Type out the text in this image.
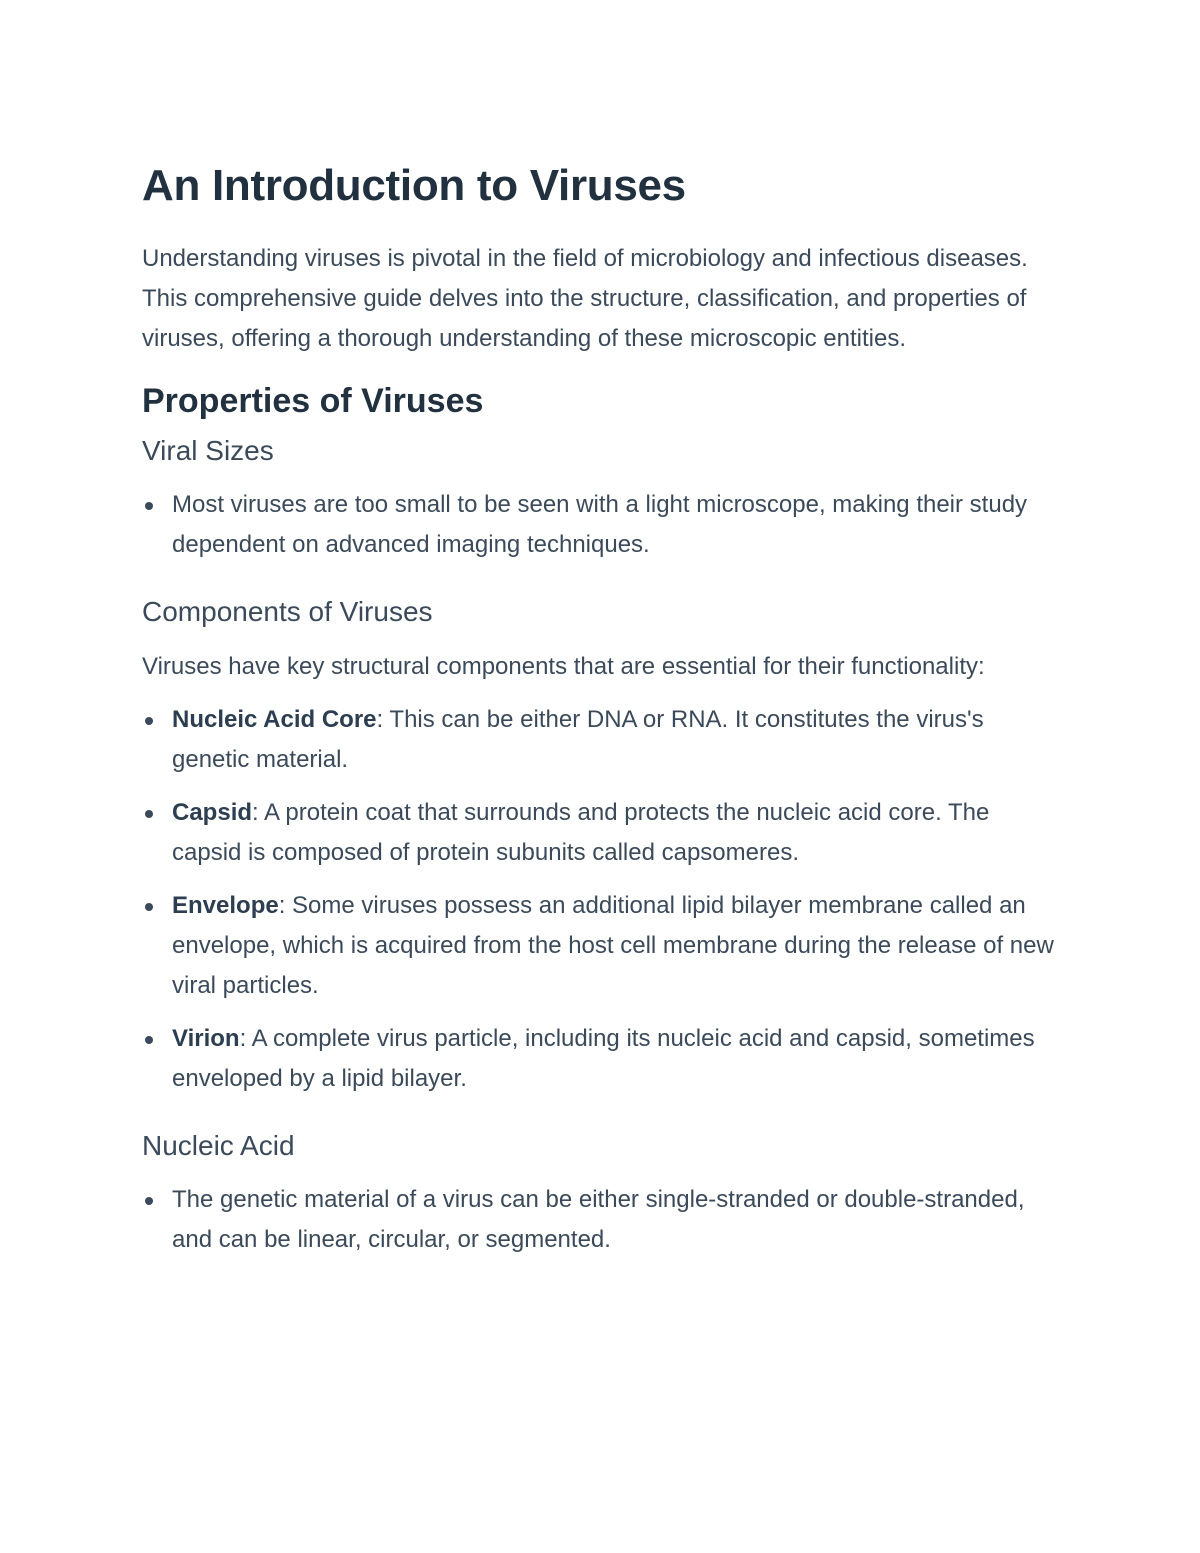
An Introduction to Viruses

Understanding viruses is pivotal in the field of microbiology and infectious diseases. This comprehensive guide delves into the structure, classification, and properties of viruses, offering a thorough understanding of these microscopic entities.

Properties of Viruses
Viral Sizes
Most viruses are too small to be seen with a light microscope, making their study dependent on advanced imaging techniques.
Components of Viruses

Viruses have key structural components that are essential for their functionality:

Nucleic Acid Core: This can be either DNA or RNA. It constitutes the virus's genetic material.
Capsid: A protein coat that surrounds and protects the nucleic acid core. The capsid is composed of protein subunits called capsomeres.
Envelope: Some viruses possess an additional lipid bilayer membrane called an envelope, which is acquired from the host cell membrane during the release of new viral particles.
Virion: A complete virus particle, including its nucleic acid and capsid, sometimes enveloped by a lipid bilayer.
Nucleic Acid
The genetic material of a virus can be either single-stranded or double-stranded, and can be linear, circular, or segmented.
